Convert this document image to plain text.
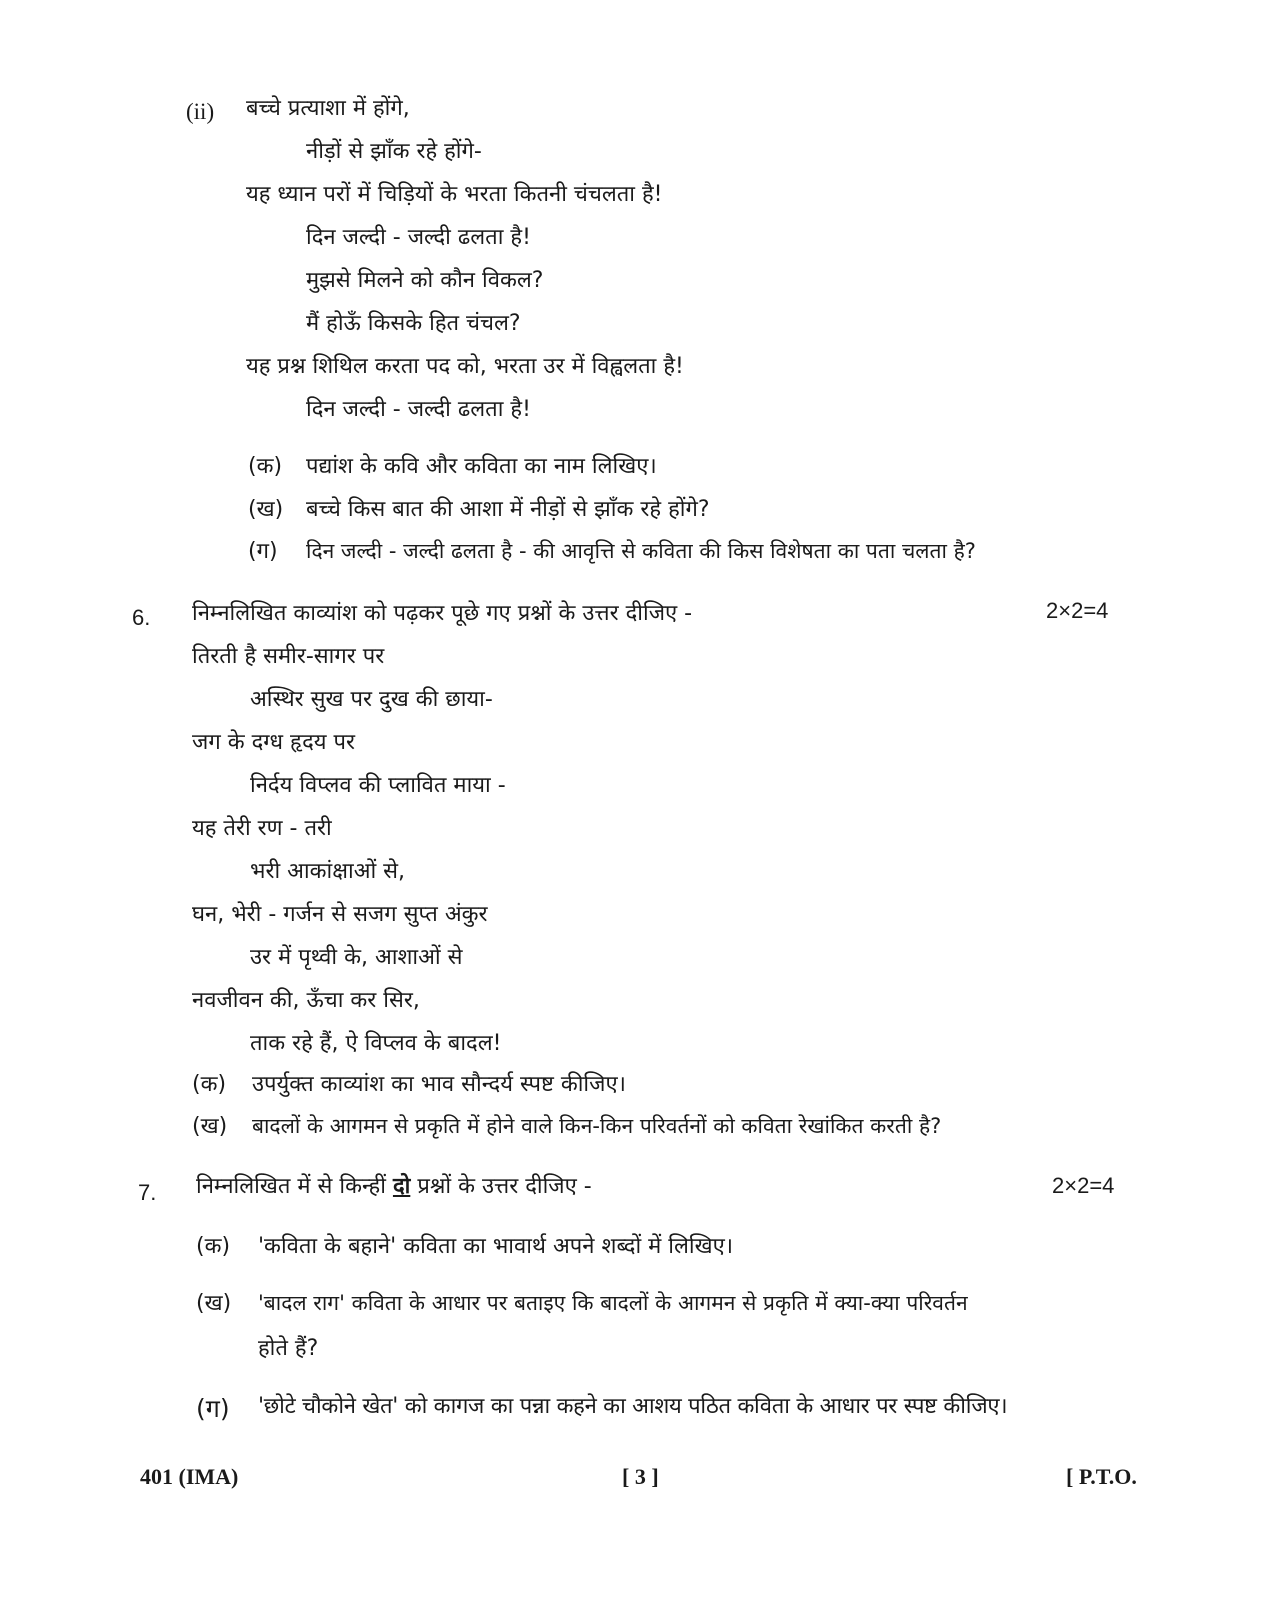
(ii) बच्चे प्रत्याशा में होंगे,
नीड़ों से झाँक रहे होंगे-
यह ध्यान परों में चिड़ियों के भरता कितनी चंचलता है!
दिन जल्दी - जल्दी ढलता है!
मुझसे मिलने को कौन विकल?
मैं होऊँ किसके हित चंचल?
यह प्रश्न शिथिल करता पद को, भरता उर में विह्वलता है!
दिन जल्दी - जल्दी ढलता है!
(क) पद्यांश के कवि और कविता का नाम लिखिए।
(ख) बच्चे किस बात की आशा में नीड़ों से झाँक रहे होंगे?
(ग) दिन जल्दी - जल्दी ढलता है - की आवृत्ति से कविता की किस विशेषता का पता चलता है?
6. निम्नलिखित काव्यांश को पढ़कर पूछे गए प्रश्नों के उत्तर दीजिए -	2×2=4
तिरती है समीर-सागर पर
अस्थिर सुख पर दुख की छाया-
जग के दग्ध हृदय पर
निर्दय विप्लव की प्लावित माया -
यह तेरी रण - तरी
भरी आकांक्षाओं से,
घन, भेरी - गर्जन से सजग सुप्त अंकुर
उर में पृथ्वी के, आशाओं से
नवजीवन की, ऊँचा कर सिर,
ताक रहे हैं, ऐ विप्लव के बादल!
(क) उपर्युक्त काव्यांश का भाव सौन्दर्य स्पष्ट कीजिए।
(ख) बादलों के आगमन से प्रकृति में होने वाले किन-किन परिवर्तनों को कविता रेखांकित करती है?
7. निम्नलिखित में से किन्हीं दो प्रश्नों के उत्तर दीजिए -	2×2=4
(क) 'कविता के बहाने' कविता का भावार्थ अपने शब्दों में लिखिए।
(ख) 'बादल राग' कविता के आधार पर बताइए कि बादलों के आगमन से प्रकृति में क्या-क्या परिवर्तन
होते हैं?
(ग) 'छोटे चौकोने खेत' को कागज का पन्ना कहने का आशय पठित कविता के आधार पर स्पष्ट कीजिए।
401 (IMA)	[ 3 ]	[ P.T.O.
